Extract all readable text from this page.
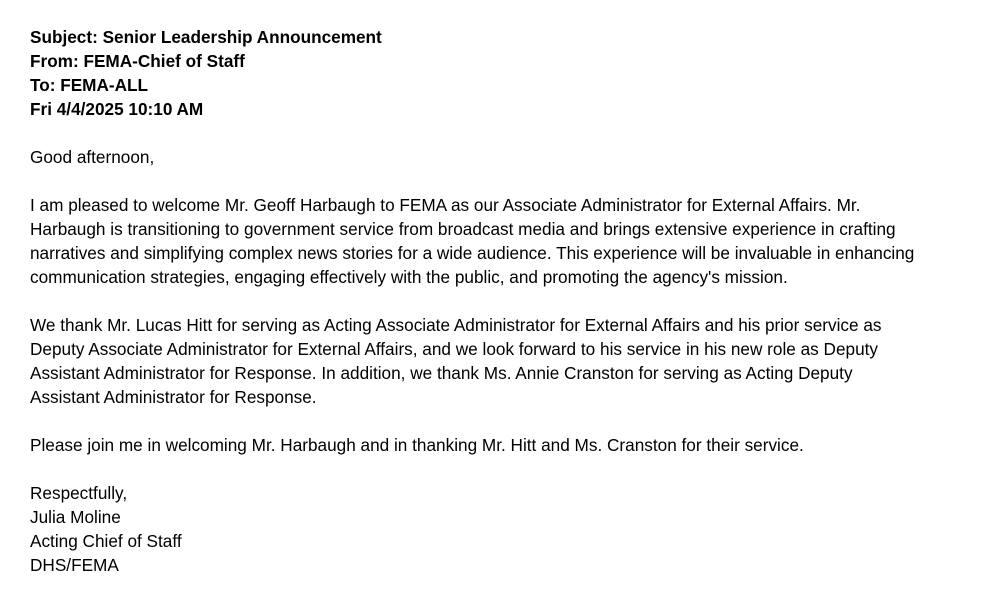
Subject: Senior Leadership Announcement
From: FEMA-Chief of Staff
To: FEMA-ALL
Fri 4/4/2025 10:10 AM
Good afternoon,
I am pleased to welcome Mr. Geoff Harbaugh to FEMA as our Associate Administrator for External Affairs. Mr.
Harbaugh is transitioning to government service from broadcast media and brings extensive experience in crafting
narratives and simplifying complex news stories for a wide audience. This experience will be invaluable in enhancing
communication strategies, engaging effectively with the public, and promoting the agency's mission.
We thank Mr. Lucas Hitt for serving as Acting Associate Administrator for External Affairs and his prior service as
Deputy Associate Administrator for External Affairs, and we look forward to his service in his new role as Deputy
Assistant Administrator for Response. In addition, we thank Ms. Annie Cranston for serving as Acting Deputy
Assistant Administrator for Response.
Please join me in welcoming Mr. Harbaugh and in thanking Mr. Hitt and Ms. Cranston for their service.
Respectfully,
Julia Moline
Acting Chief of Staff
DHS/FEMA
